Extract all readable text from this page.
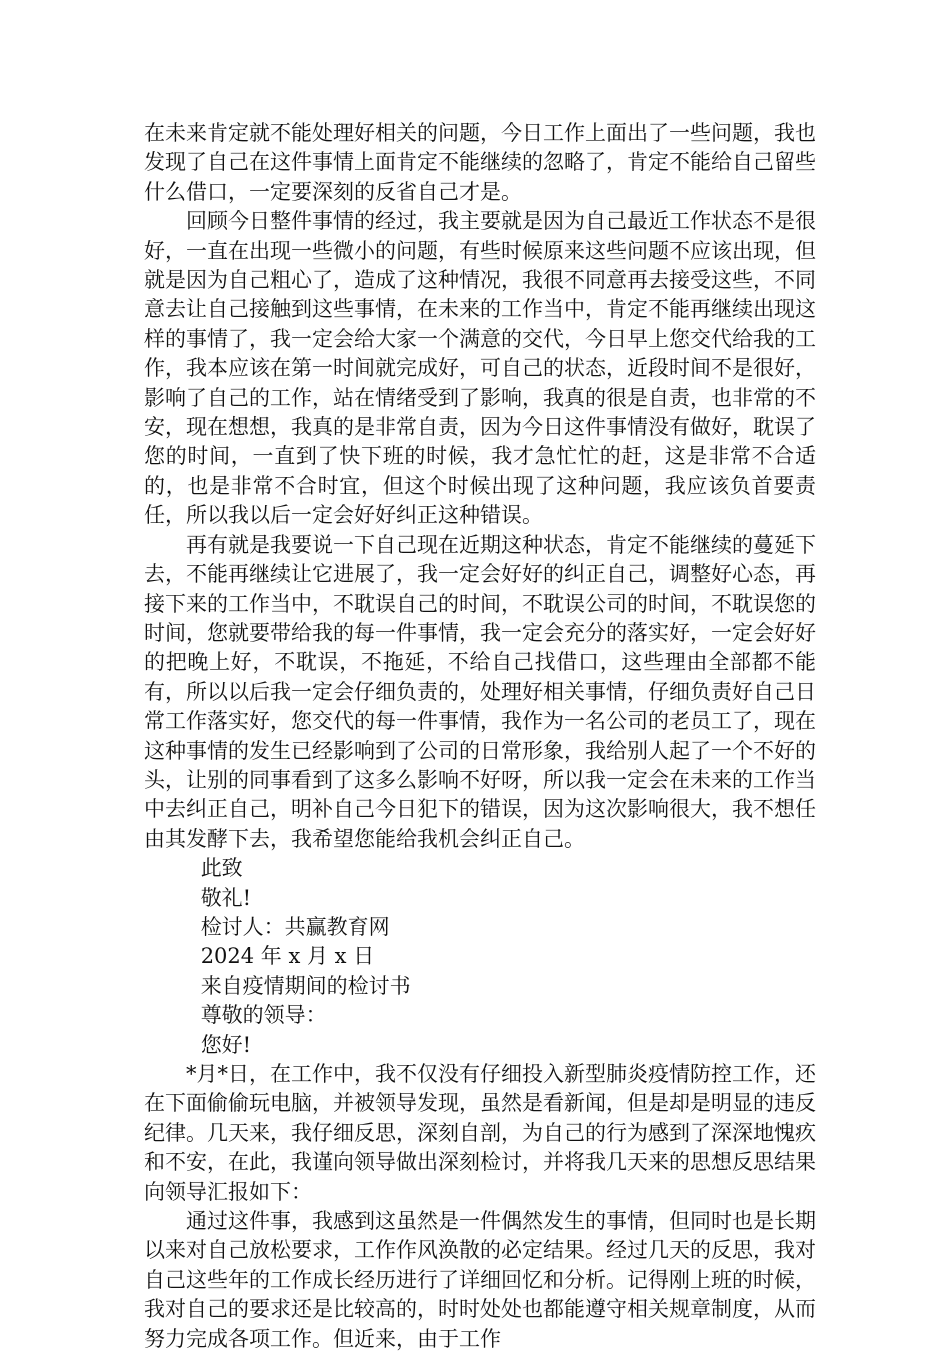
在未来肯定就不能处理好相关的问题，今日工作上面出了一些问题，我也发现了自己在这件事情上面肯定不能继续的忽略了，肯定不能给自己留些什么借口，一定要深刻的反省自己才是。

回顾今日整件事情的经过，我主要就是因为自己最近工作状态不是很好，一直在出现一些微小的问题，有些时候原来这些问题不应该出现，但就是因为自己粗心了，造成了这种情况，我很不同意再去接受这些，不同意去让自己接触到这些事情，在未来的工作当中，肯定不能再继续出现这样的事情了，我一定会给大家一个满意的交代，今日早上您交代给我的工作，我本应该在第一时间就完成好，可自己的状态，近段时间不是很好，影响了自己的工作，站在情绪受到了影响，我真的很是自责，也非常的不安，现在想想，我真的是非常自责，因为今日这件事情没有做好，耽误了您的时间，一直到了快下班的时候，我才急忙忙的赶，这是非常不合适的，也是非常不合时宜，但这个时候出现了这种问题，我应该负首要责任，所以我以后一定会好好纠正这种错误。

再有就是我要说一下自己现在近期这种状态，肯定不能继续的蔓延下去，不能再继续让它进展了，我一定会好好的纠正自己，调整好心态，再接下来的工作当中，不耽误自己的时间，不耽误公司的时间，不耽误您的时间，您就要带给我的每一件事情，我一定会充分的落实好，一定会好好的把晚上好，不耽误，不拖延，不给自己找借口，这些理由全部都不能有，所以以后我一定会仔细负责的，处理好相关事情，仔细负责好自己日常工作落实好，您交代的每一件事情，我作为一名公司的老员工了，现在这种事情的发生已经影响到了公司的日常形象，我给别人起了一个不好的头，让别的同事看到了这多么影响不好呀，所以我一定会在未来的工作当中去纠正自己，明补自己今日犯下的错误，因为这次影响很大，我不想任由其发酵下去，我希望您能给我机会纠正自己。

此致

敬礼!

检讨人：共赢教育网

2024 年 x 月 x 日

来自疫情期间的检讨书

尊敬的领导：

您好!

*月*日，在工作中，我不仅没有仔细投入新型肺炎疫情防控工作，还在下面偷偷玩电脑，并被领导发现，虽然是看新闻，但是却是明显的违反纪律。几天来，我仔细反思，深刻自剖，为自己的行为感到了深深地愧疚和不安，在此，我谨向领导做出深刻检讨，并将我几天来的思想反思结果向领导汇报如下：

通过这件事，我感到这虽然是一件偶然发生的事情，但同时也是长期以来对自己放松要求，工作作风涣散的必定结果。经过几天的反思，我对自己这些年的工作成长经历进行了详细回忆和分析。记得刚上班的时候，我对自己的要求还是比较高的，时时处处也都能遵守相关规章制度，从而努力完成各项工作。但近来，由于工作
